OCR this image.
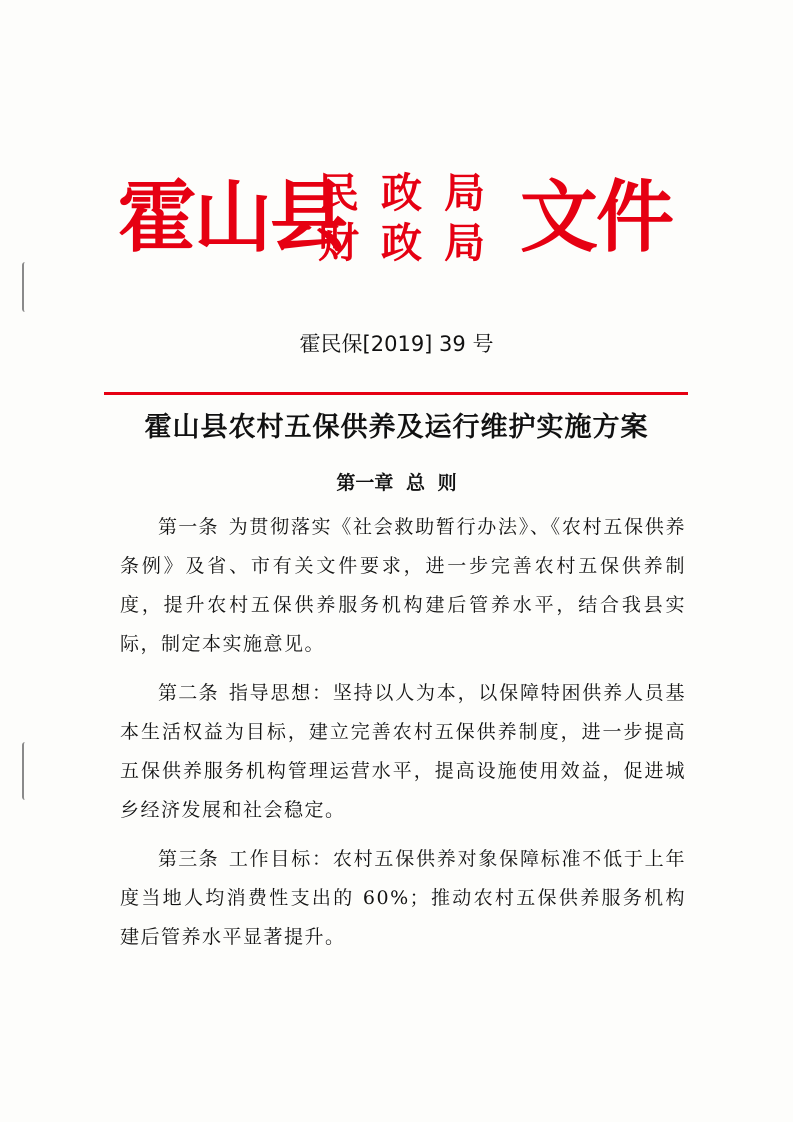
霍山县
民政局
财政局 文件
霍民保[2019] 39 号
霍山县农村五保供养及运行维护实施方案
第一章 总 则

第一条 为贯彻落实《社会救助暂行办法》、《农村五保供养条例》及省、市有关文件要求，进一步完善农村五保供养制度，提升农村五保供养服务机构建后管养水平，结合我县实际，制定本实施意见。

第二条 指导思想：坚持以人为本，以保障特困供养人员基本生活权益为目标，建立完善农村五保供养制度，进一步提高五保供养服务机构管理运营水平，提高设施使用效益，促进城乡经济发展和社会稳定。

第三条 工作目标：农村五保供养对象保障标准不低于上年度当地人均消费性支出的 60%；推动农村五保供养服务机构建后管养水平显著提升。
